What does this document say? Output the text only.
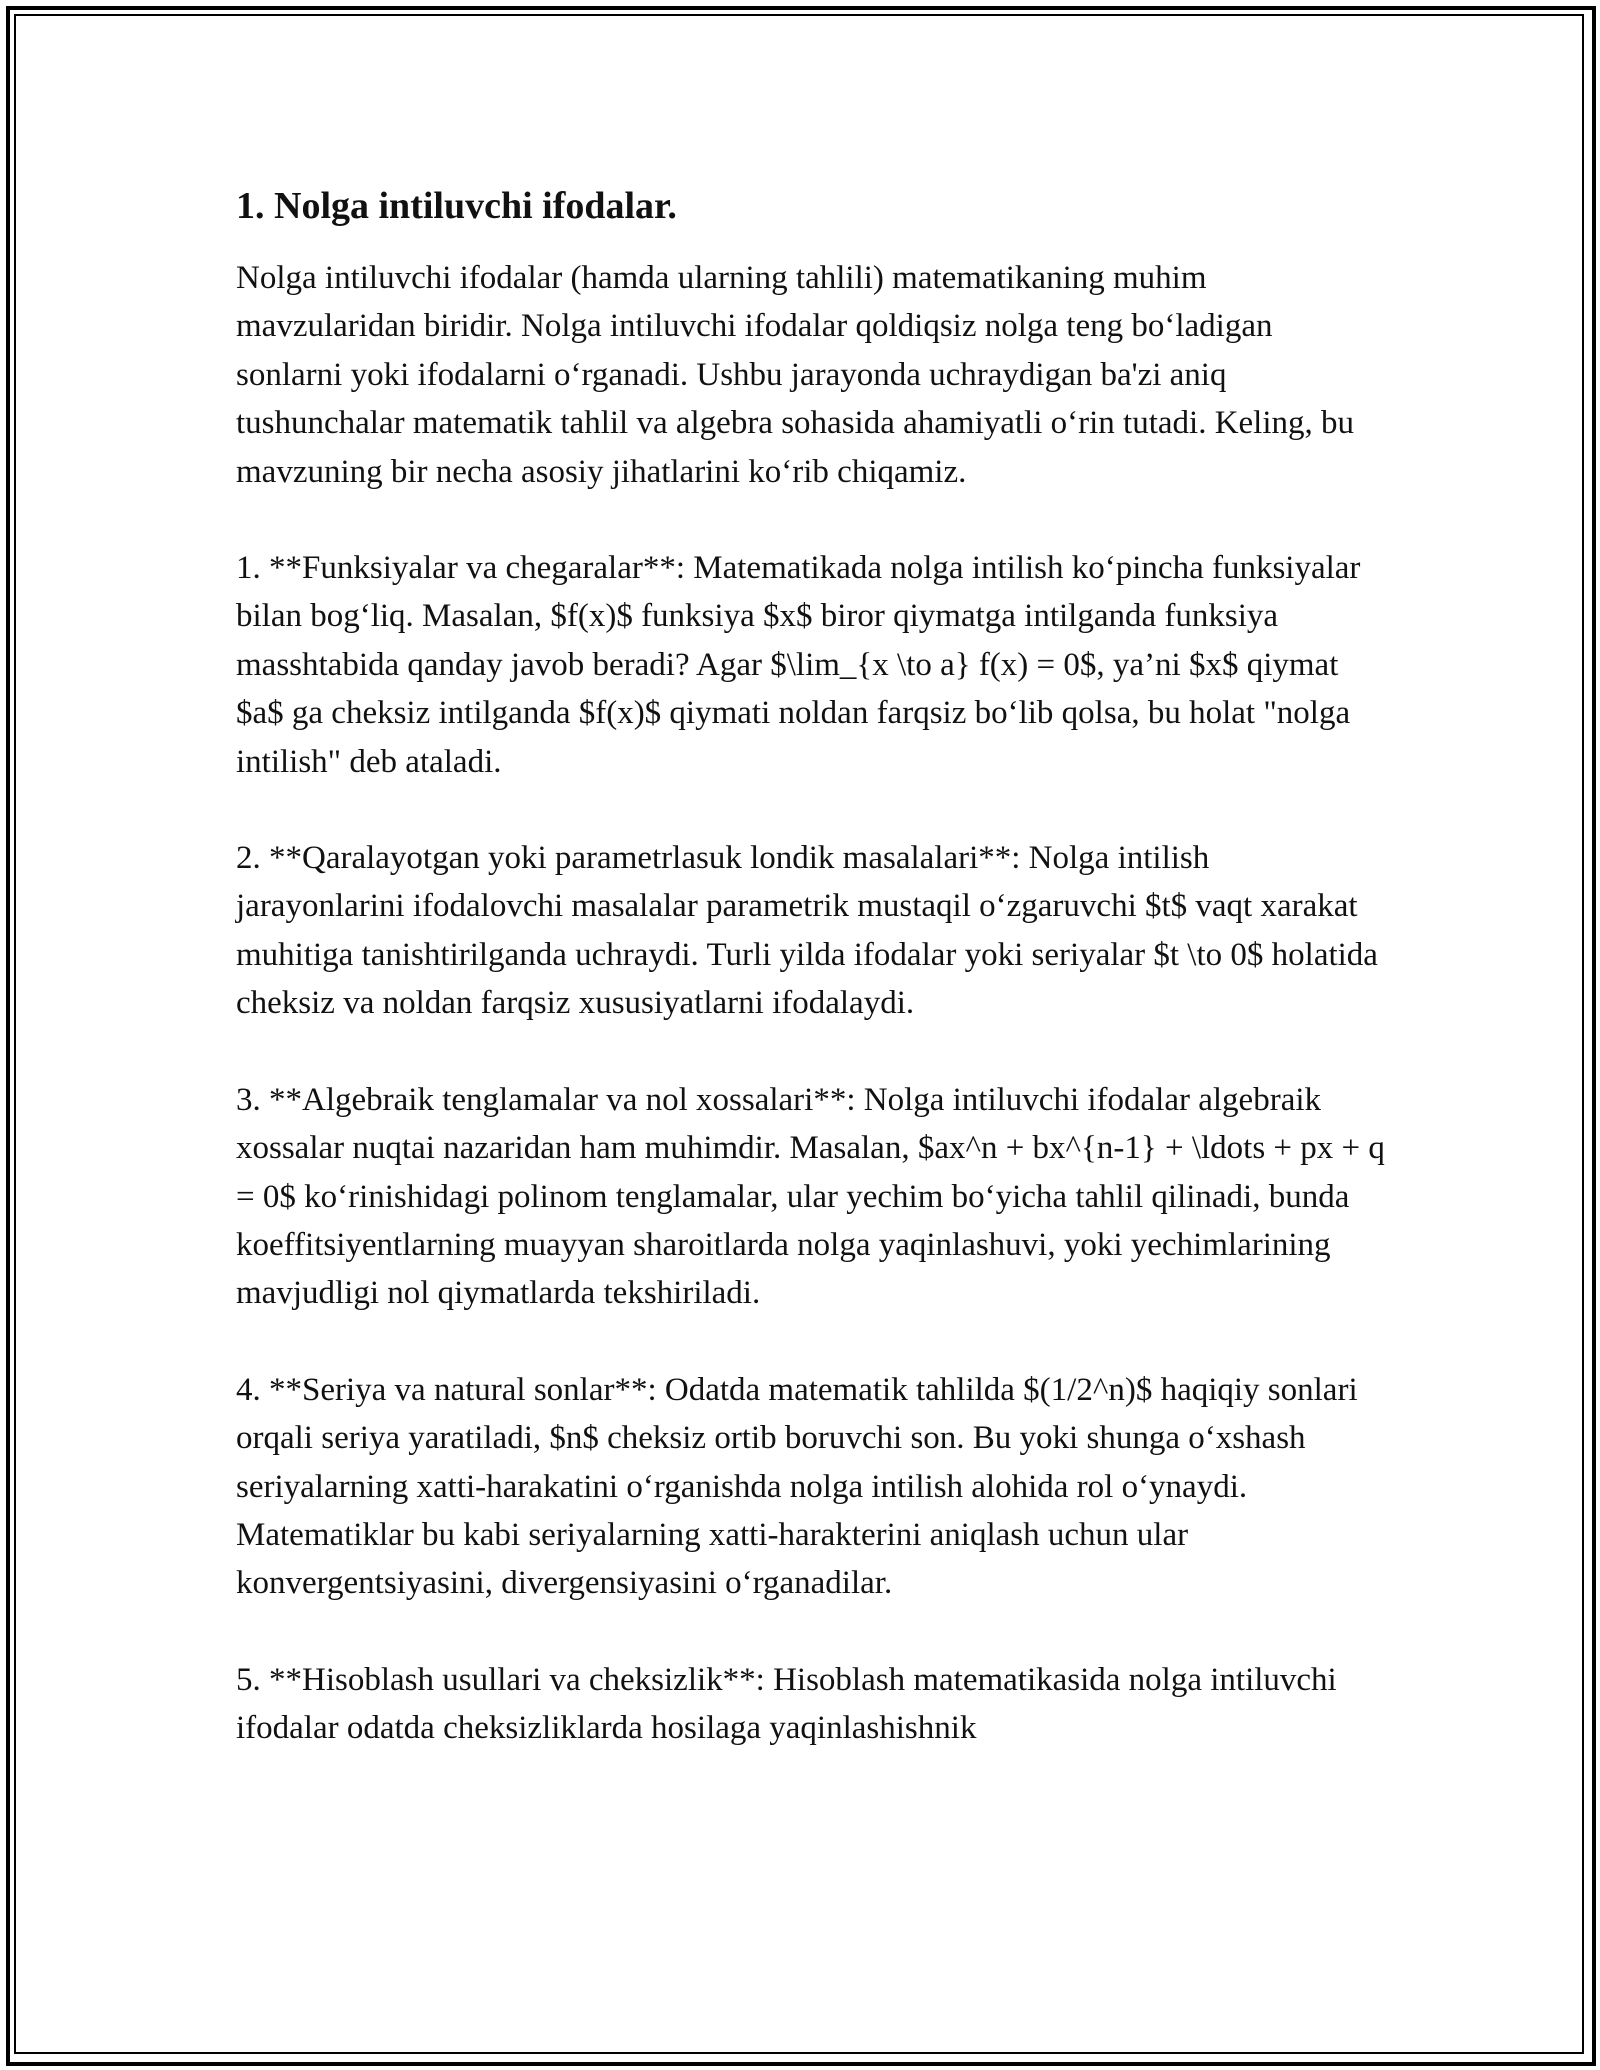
1. Nolga intiluvchi ifodalar.

Nolga intiluvchi ifodalar (hamda ularning tahlili) matematikaning muhim mavzularidan biridir. Nolga intiluvchi ifodalar qoldiqsiz nolga teng bo‘ladigan sonlarni yoki ifodalarni o‘rganadi. Ushbu jarayonda uchraydigan ba'zi aniq tushunchalar matematik tahlil va algebra sohasida ahamiyatli o‘rin tutadi. Keling, bu mavzuning bir necha asosiy jihatlarini ko‘rib chiqamiz.

1. **Funksiyalar va chegaralar**: Matematikada nolga intilish ko‘pincha funksiyalar bilan bog‘liq. Masalan, $f(x)$ funksiya $x$ biror qiymatga intilganda funksiya masshtabida qanday javob beradi? Agar $\lim_{x \to a} f(x) = 0$, ya’ni $x$ qiymat $a$ ga cheksiz intilganda $f(x)$ qiymati noldan farqsiz bo‘lib qolsa, bu holat "nolga intilish" deb ataladi.

2. **Qaralayotgan yoki parametrlasuk londik masalalari**: Nolga intilish jarayonlarini ifodalovchi masalalar parametrik mustaqil o‘zgaruvchi $t$ vaqt xarakat muhitiga tanishtirilganda uchraydi. Turli yilda ifodalar yoki seriyalar $t \to 0$ holatida cheksiz va noldan farqsiz xususiyatlarni ifodalaydi.

3. **Algebraik tenglamalar va nol xossalari**: Nolga intiluvchi ifodalar algebraik xossalar nuqtai nazaridan ham muhimdir. Masalan, $ax^n + bx^{n-1} + \ldots + px + q = 0$ ko‘rinishidagi polinom tenglamalar, ular yechim bo‘yicha tahlil qilinadi, bunda koeffitsiyentlarning muayyan sharoitlarda nolga yaqinlashuvi, yoki yechimlarining mavjudligi nol qiymatlarda tekshiriladi.

4. **Seriya va natural sonlar**: Odatda matematik tahlilda $(1/2^n)$ haqiqiy sonlari orqali seriya yaratiladi, $n$ cheksiz ortib boruvchi son. Bu yoki shunga o‘xshash seriyalarning xatti-harakatini o‘rganishda nolga intilish alohida rol o‘ynaydi. Matematiklar bu kabi seriyalarning xatti-harakterini aniqlash uchun ular konvergentsiyasini, divergensiyasini o‘rganadilar.

5. **Hisoblash usullari va cheksizlik**: Hisoblash matematikasida nolga intiluvchi ifodalar odatda cheksizliklarda hosilaga yaqinlashishnik
